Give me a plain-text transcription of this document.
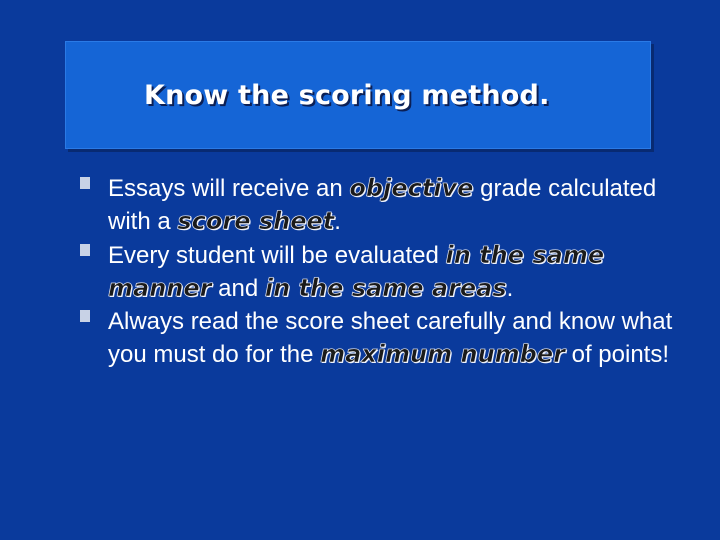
Know the scoring method.
Essays will receive an objective grade calculated with a score sheet.
Every student will be evaluated in the same manner and in the same areas.
Always read the score sheet carefully and know what you must do for the maximum number of points!
